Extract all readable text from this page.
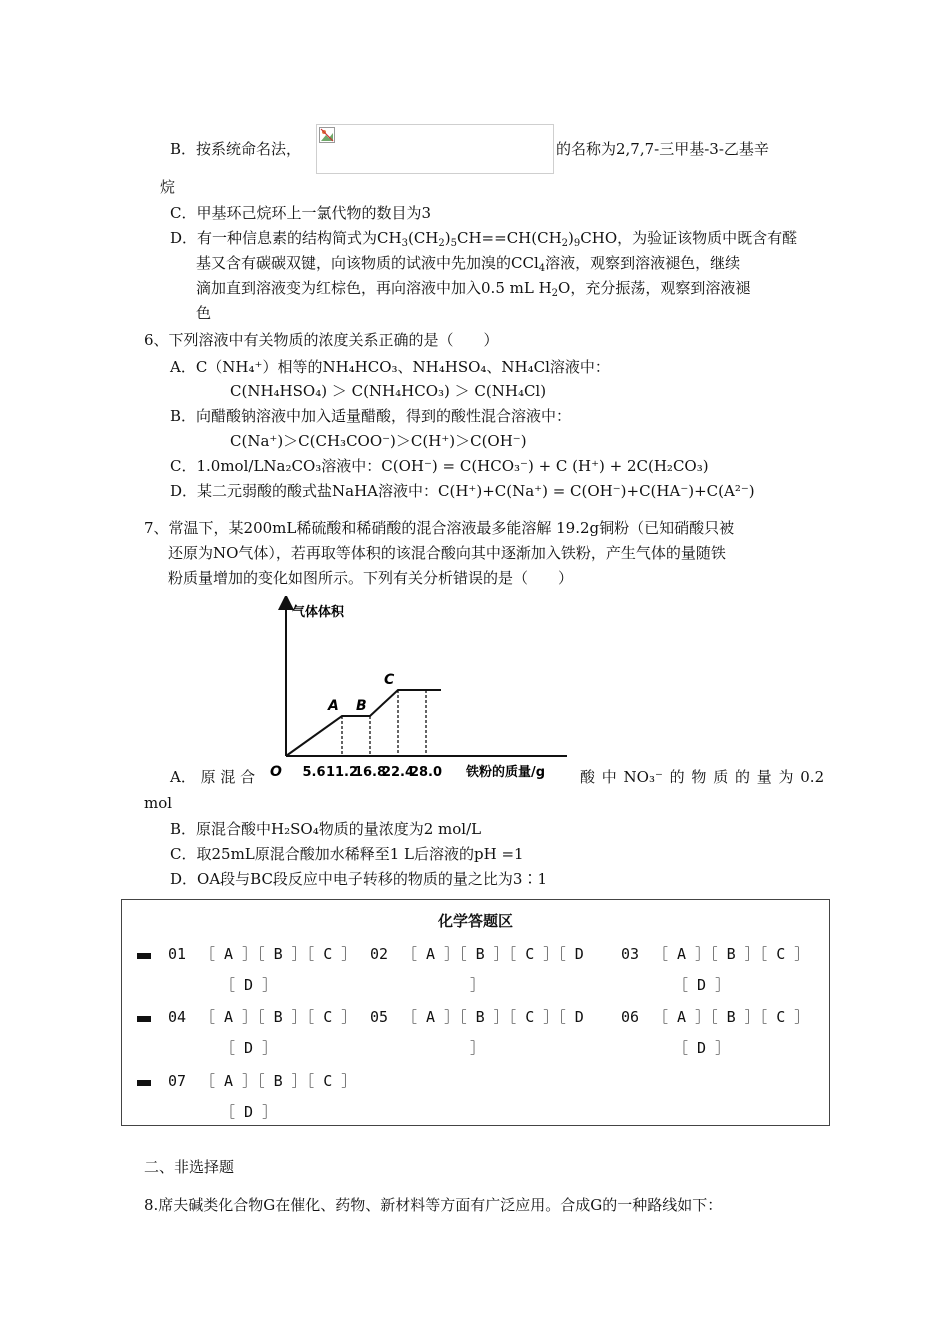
B．按系统命名法，	的名称为2,7,7-三甲基-3-乙基辛
烷
C．甲基环己烷环上一氯代物的数目为3
D．有一种信息素的结构简式为$CH_3(CH_2)_5CH==CH(CH_2)_9CHO$，为验证该物质中既含有醛
基又含有碳碳双键，向该物质的试液中先加溴的CCl$_4$溶液，观察到溶液褪色，继续
滴加直到溶液变为红棕色，再向溶液中加入0.5 mL $H_2O$，充分振荡，观察到溶液褪
色
6、下列溶液中有关物质的浓度关系正确的是（　　）
A．C（NH₄⁺）相等的NH₄HCO₃、NH₄HSO₄、NH₄Cl溶液中：
C(NH₄HSO₄) ＞ C(NH₄HCO₃) ＞ C(NH₄Cl)
B．向醋酸钠溶液中加入适量醋酸，得到的酸性混合溶液中：
C(Na⁺)＞C(CH₃COO⁻)＞C(H⁺)＞C(OH⁻)
C．1.0mol/LNa₂CO₃溶液中：C(OH⁻) = C(HCO₃⁻) + C (H⁺) + 2C(H₂CO₃)
D．某二元弱酸的酸式盐NaHA溶液中：C(H⁺)+C(Na⁺) = C(OH⁻)+C(HA⁻)+C(A²⁻)
7、常温下，某200mL稀硫酸和稀硝酸的混合溶液最多能溶解 19.2g铜粉（已知硝酸只被
还原为NO气体），若再取等体积的该混合酸向其中逐渐加入铁粉，产生气体的量随铁
粉质量增加的变化如图所示。下列有关分析错误的是（　　）
气体体积
A B
C
O 5.6 11.2
16.8
22.4
28.0 铁粉的质量/g
A． 原 混 合	酸 中 NO₃⁻ 的 物 质 的 量 为 0.2
mol
B．原混合酸中H₂SO₄物质的量浓度为2 mol/L
C．取25mL原混合酸加水稀释至1 L后溶液的pH =1
D．OA段与BC段反应中电子转移的物质的量之比为3∶1
化学答题区
01 ［ A ］［ B ］［ C ］
［ D ］
02 ［ A ］［ B ］［ C ］［ D
］
03 ［ A ］［ B ］［ C ］
［ D ］
04 ［ A ］［ B ］［ C ］
［ D ］
05 ［ A ］［ B ］［ C ］［ D
］
06 ［ A ］［ B ］［ C ］
［ D ］
07 ［ A ］［ B ］［ C ］
［ D ］
二、非选择题
8.席夫碱类化合物G在催化、药物、新材料等方面有广泛应用。合成G的一种路线如下：
